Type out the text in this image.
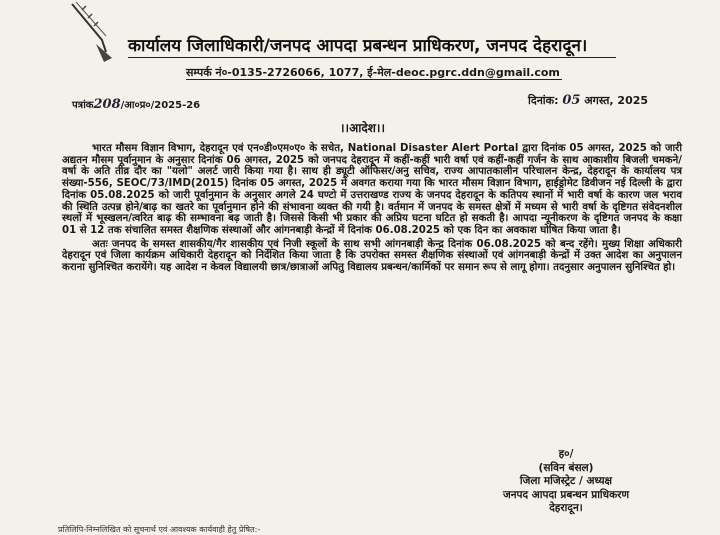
कार्यालय जिलाधिकारी/जनपद आपदा प्रबन्धन प्राधिकरण, जनपद देहरादून।
सम्पर्क नं०-0135-2726066, 1077, ई-मेल-deoc.pgrc.ddn@gmail.com
पत्रांक208/आ०प्र०/2025-26	दिनांक: 05 अगस्त, 2025
।।आदेश।।

भारत मौसम विज्ञान विभाग, देहरादून एवं एन०डी०एम०ए० के सचेत, National Disaster Alert Portal द्वारा दिनांक 05 अगस्त, 2025 को जारी अद्यतन मौसम पूर्वानुमान के अनुसार दिनांक 06 अगस्त, 2025 को जनपद देहरादून में कहीं-कहीं भारी वर्षा एवं कहीं-कहीं गर्जन के साथ आकाशीय बिजली चमकने/वर्षा के अति तीव्र दौर का "यलो" अलर्ट जारी किया गया है। साथ ही ड्यूटी ऑफिसर/अनु सचिव, राज्य आपातकालीन परिचालन केन्द्र, देहरादून के कार्यालय पत्र संख्या-556, SEOC/73/IMD(2015) दिनांक 05 अगस्त, 2025 में अवगत कराया गया कि भारत मौसम विज्ञान विभाग, हाईड्रोमेट डिवीजन नई दिल्ली के द्वारा दिनांक 05.08.2025 को जारी पूर्वानुमान के अनुसार अगले 24 घण्टो में उत्तराखण्ड राज्य के जनपद देहरादून के कतिपय स्थानों में भारी वर्षा के कारण जल भराव की स्थिति उत्पन्न होने/बाढ़ का खतरे का पूर्वानुमान होने की संभावना व्यक्त की गयी है। वर्तमान में जनपद के समस्त क्षेत्रों में मध्यम से भारी वर्षा के दृष्टिगत संवेदनशील स्थलों में भूस्खलन/त्वरित बाढ़ की सम्भावना बढ़ जाती है। जिससे किसी भी प्रकार की अप्रिय घटना घटित हो सकती है। आपदा न्यूनीकरण के दृष्टिगत जनपद के कक्षा 01 से 12 तक संचालित समस्त शैक्षणिक संस्थाओं और आंगनबाड़ी केन्द्रों में दिनांक 06.08.2025 को एक दिन का अवकाश घोषित किया जाता है।

अतः जनपद के समस्त शासकीय/गैर शासकीय एवं निजी स्कूलों के साथ सभी आंगनबाड़ी केन्द्र दिनांक 06.08.2025 को बन्द रहेंगे। मुख्य शिक्षा अधिकारी देहरादून एवं जिला कार्यक्रम अधिकारी देहरादून को निर्देशित किया जाता है कि उपरोक्त समस्त शैक्षणिक संस्थाओं एवं आंगनबाड़ी केन्द्रों में उक्त आदेश का अनुपालन कराना सुनिश्चित करायेंगे। यह आदेश न केवल विद्यालयी छात्र/छात्राओं अपितु विद्यालय प्रबन्धन/कार्मिकों पर समान रूप से लागू होगा। तदनुसार अनुपालन सुनिश्चित हो।

ह०/
(सविन बंसल)
जिला मजिस्ट्रेट / अध्यक्ष
जनपद आपदा प्रबन्धन प्राधिकरण
देहरादून।
प्रतिलिपि-निम्नलिखित को सूचनार्थ एवं आवश्यक कार्यवाही हेतु प्रेषित:-
